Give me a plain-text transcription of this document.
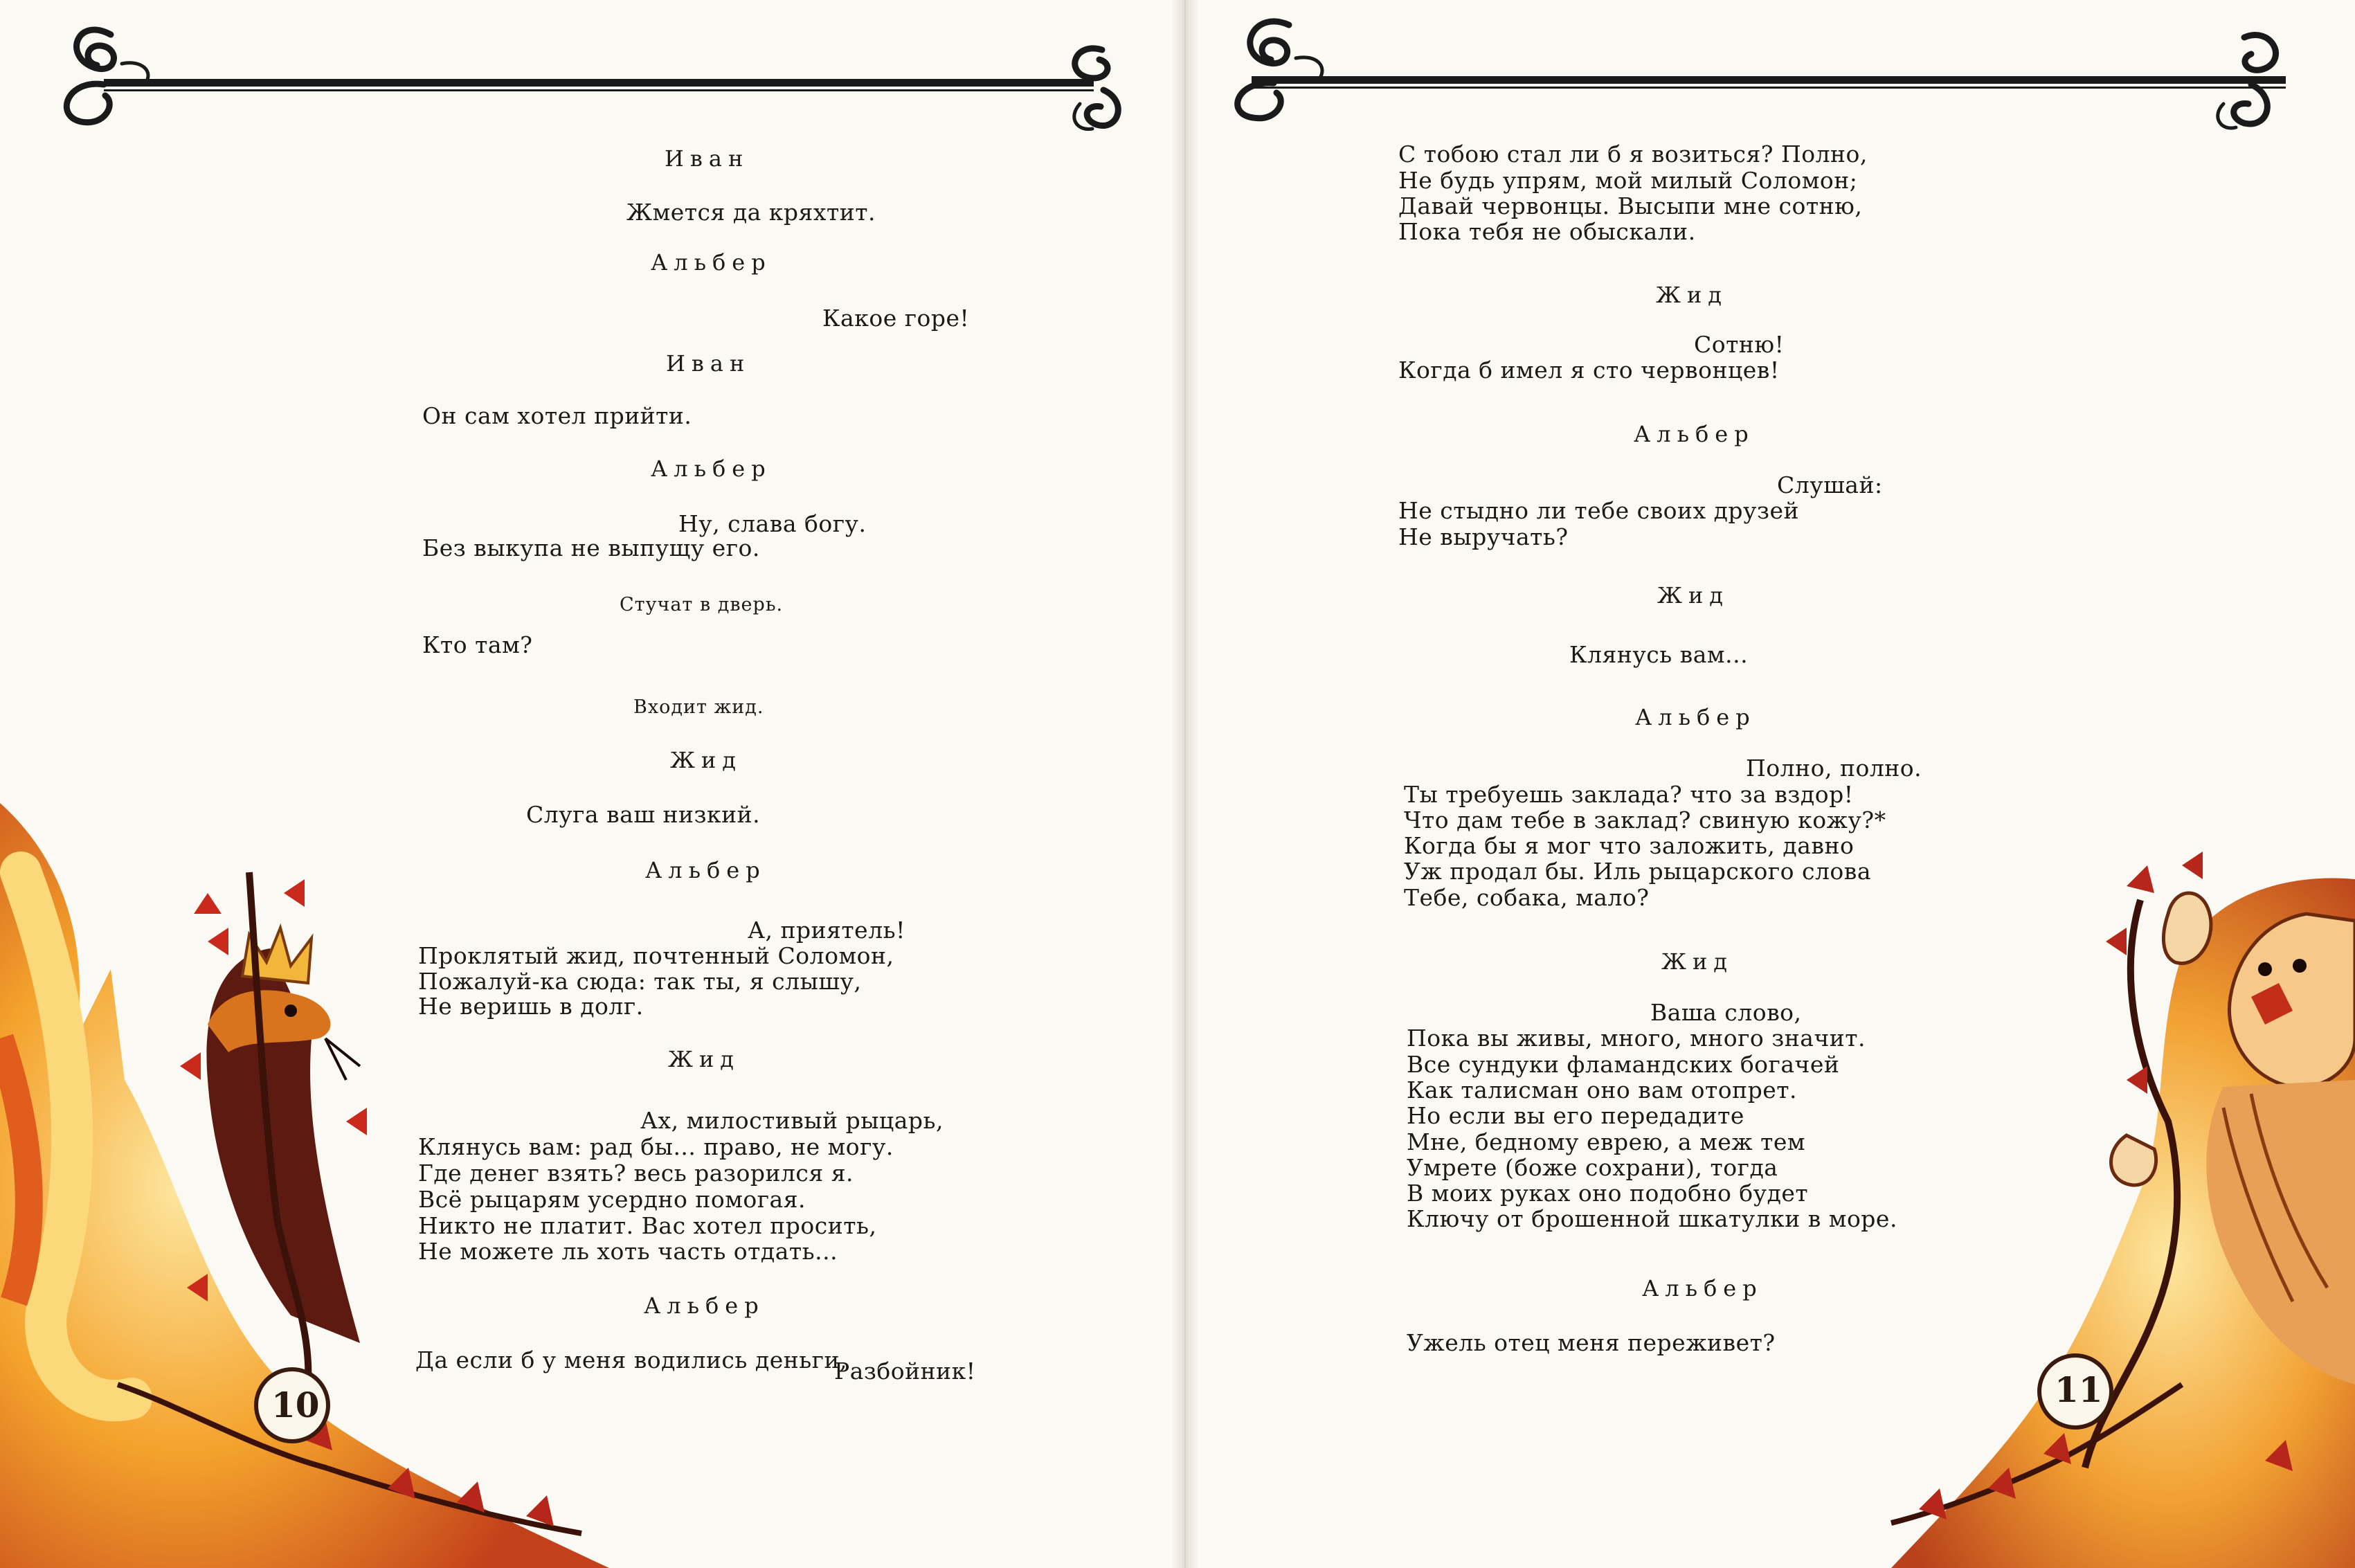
10

Иван

Жмется да кряхтит.

Альбер

Какое горе!

Иван

Он сам хотел прийти.

Альбер

Ну, слава богу.

Без выкупа не выпущу его.

Стучат в дверь.

Кто там?

Входит жид.

Жид

Слуга ваш низкий.

Альбер

А, приятель!

Проклятый жид, почтенный Соломон,

Пожалуй-ка сюда: так ты, я слышу,

Не веришь в долг.

Жид

Ах, милостивый рыцарь,

Клянусь вам: рад бы... право, не могу.

Где денег взять? весь разорился я.

Всё рыцарям усердно помогая.

Никто не платит. Вас хотел просить,

Не можете ль хоть часть отдать...

Альбер

Разбойник!

Да если б у меня водились деньги,

11

С тобою стал ли б я возиться? Полно,

Не будь упрям, мой милый Соломон;

Давай червонцы. Высыпи мне сотню,

Пока тебя не обыскали.

Жид

Сотню!

Когда б имел я сто червонцев!

Альбер

Слушай:

Не стыдно ли тебе своих друзей

Не выручать?

Жид

Клянусь вам...

Альбер

Полно, полно.

Ты требуешь заклада? что за вздор!

Что дам тебе в заклад? свиную кожу?*

Когда бы я мог что заложить, давно

Уж продал бы. Иль рыцарского слова

Тебе, собака, мало?

Жид

Ваша слово,

Пока вы живы, много, много значит.

Все сундуки фламандских богачей

Как талисман оно вам отопрет.

Но если вы его передадите

Мне, бедному еврею, а меж тем

Умрете (боже сохрани), тогда

В моих руках оно подобно будет

Ключу от брошенной шкатулки в море.

Альбер

Ужель отец меня переживет?
